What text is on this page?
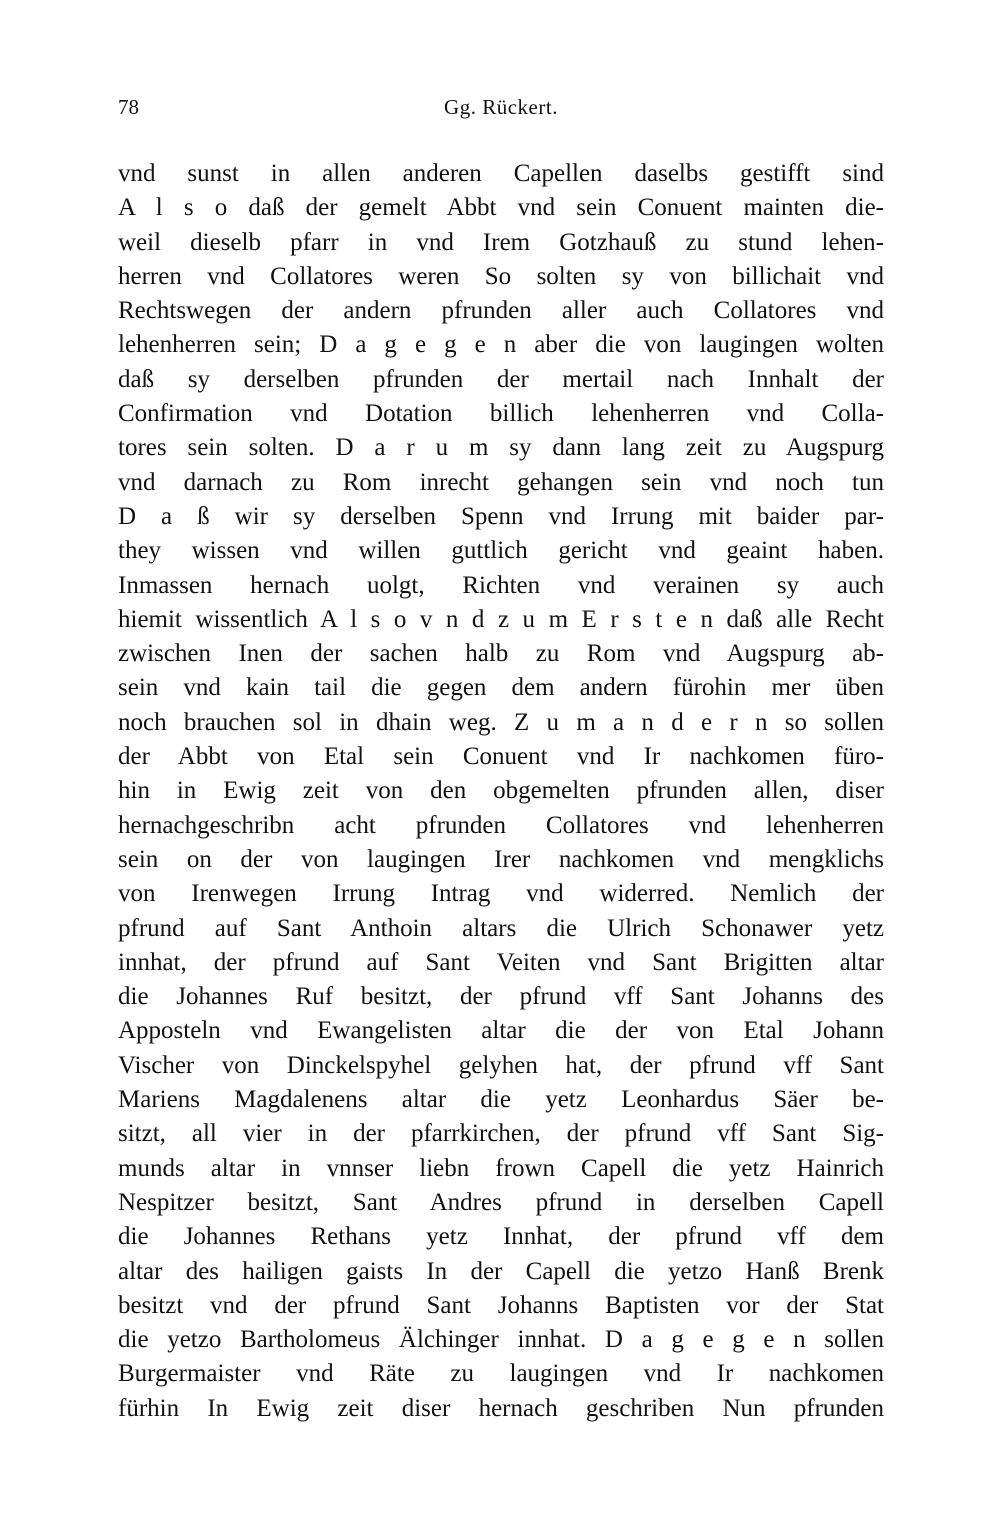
78	Gg. Rückert.
vnd sunst in allen anderen Capellen daselbs gestifft sind
A l s o daß der gemelt Abbt vnd sein Conuent mainten die-
weil dieselb pfarr in vnd Irem Gotzhauß zu stund lehen-
herren vnd Collatores weren So solten sy von billichait vnd
Rechtswegen der andern pfrunden aller auch Collatores vnd
lehenherren sein; D a g e g e n aber die von laugingen wolten
daß sy derselben pfrunden der mertail nach Innhalt der
Confirmation vnd Dotation billich lehenherren vnd Colla-
tores sein solten. D a r u m sy dann lang zeit zu Augspurg
vnd darnach zu Rom inrecht gehangen sein vnd noch tun
D a ß wir sy derselben Spenn vnd Irrung mit baider par-
they wissen vnd willen guttlich gericht vnd geaint haben.
Inmassen hernach uolgt, Richten vnd verainen sy auch
hiemit wissentlich A l s o v n d z u m E r s t e n daß alle Recht
zwischen Inen der sachen halb zu Rom vnd Augspurg ab-
sein vnd kain tail die gegen dem andern fürohin mer üben
noch brauchen sol in dhain weg. Z u m a n d e r n so sollen
der Abbt von Etal sein Conuent vnd Ir nachkomen füro-
hin in Ewig zeit von den obgemelten pfrunden allen, diser
hernachgeschribn acht pfrunden Collatores vnd lehenherren
sein on der von laugingen Irer nachkomen vnd mengklichs
von Irenwegen Irrung Intrag vnd widerred. Nemlich der
pfrund auf Sant Anthoin altars die Ulrich Schonawer yetz
innhat, der pfrund auf Sant Veiten vnd Sant Brigitten altar
die Johannes Ruf besitzt, der pfrund vff Sant Johanns des
Apposteln vnd Ewangelisten altar die der von Etal Johann
Vischer von Dinckelspyhel gelyhen hat, der pfrund vff Sant
Mariens Magdalenens altar die yetz Leonhardus Säer be-
sitzt, all vier in der pfarrkirchen, der pfrund vff Sant Sig-
munds altar in vnnser liebn frown Capell die yetz Hainrich
Nespitzer besitzt, Sant Andres pfrund in derselben Capell
die Johannes Rethans yetz Innhat, der pfrund vff dem
altar des hailigen gaists In der Capell die yetzo Hanß Brenk
besitzt vnd der pfrund Sant Johanns Baptisten vor der Stat
die yetzo Bartholomeus Älchinger innhat. D a g e g e n sollen
Burgermaister vnd Räte zu laugingen vnd Ir nachkomen
fürhin In Ewig zeit diser hernach geschriben Nun pfrunden
